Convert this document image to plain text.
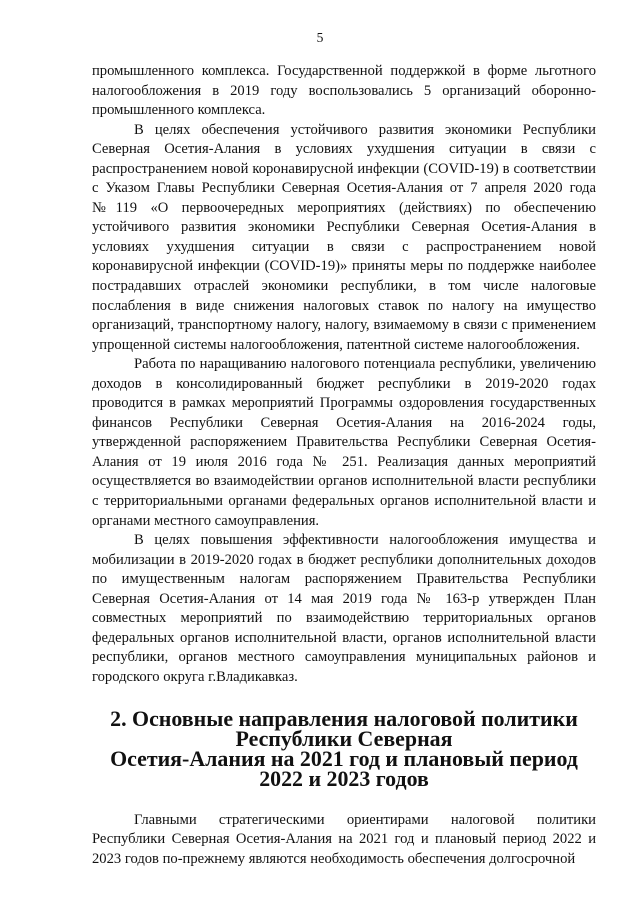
5

промышленного комплекса. Государственной поддержкой в форме льготного налогообложения в 2019 году воспользовались 5 организаций оборонно-промышленного комплекса.

В целях обеспечения устойчивого развития экономики Республики Северная Осетия-Алания в условиях ухудшения ситуации в связи с распространением новой коронавирусной инфекции (COVID-19) в соответствии с Указом Главы Республики Северная Осетия-Алания от 7 апреля 2020 года №119 «О первоочередных мероприятиях (действиях) по обеспечению устойчивого развития экономики Республики Северная Осетия-Алания в условиях ухудшения ситуации в связи с распространением новой коронавирусной инфекции (COVID-19)» приняты меры по поддержке наиболее пострадавших отраслей экономики республики, в том числе налоговые послабления в виде снижения налоговых ставок по налогу на имущество организаций, транспортному налогу, налогу, взимаемому в связи с применением упрощенной системы налогообложения, патентной системе налогообложения.

Работа по наращиванию налогового потенциала республики, увеличению доходов в консолидированный бюджет республики в 2019-2020 годах проводится в рамках мероприятий Программы оздоровления государственных финансов Республики Северная Осетия-Алания на 2016-2024 годы, утвержденной распоряжением Правительства Республики Северная Осетия-Алания от 19 июля 2016 года № 251. Реализация данных мероприятий осуществляется во взаимодействии органов исполнительной власти республики с территориальными органами федеральных органов исполнительной власти и органами местного самоуправления.

В целях повышения эффективности налогообложения имущества и мобилизации в 2019-2020 годах в бюджет республики дополнительных доходов по имущественным налогам распоряжением Правительства Республики Северная Осетия-Алания от 14 мая 2019 года № 163-р утвержден План совместных мероприятий по взаимодействию территориальных органов федеральных органов исполнительной власти, органов исполнительной власти республики, органов местного самоуправления муниципальных районов и городского округа г.Владикавказ.

2. Основные направления налоговой политики Республики Северная
Осетия-Алания на 2021 год и плановый период 2022 и 2023 годов

Главными стратегическими ориентирами налоговой политики Республики Северная Осетия-Алания на 2021 год и плановый период 2022 и 2023 годов по-прежнему являются необходимость обеспечения долгосрочной
